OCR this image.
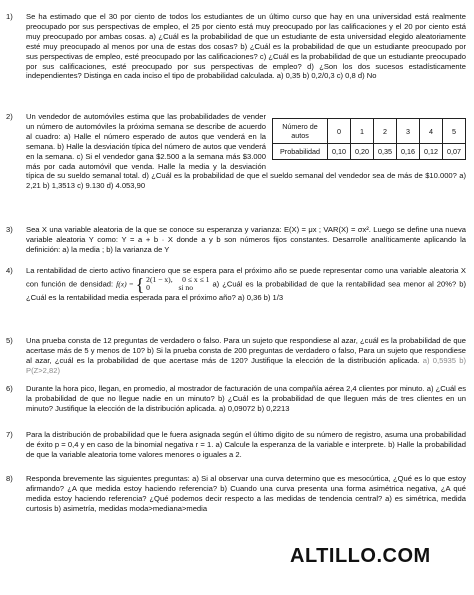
1)	Se ha estimado que el 30 por ciento de todos los estudiantes de un último curso que hay en una universidad está realmente preocupado por sus perspectivas de empleo, el 25 por ciento está muy preocupado por las calificaciones y el 20 por ciento está muy preocupado por ambas cosas. a) ¿Cuál es la probabilidad de que un estudiante de esta universidad elegido aleatoriamente esté muy preocupado al menos por una de estas dos cosas? b) ¿Cuál es la probabilidad de que un estudiante preocupado por sus perspectivas de empleo, esté preocupado por las calificaciones? c) ¿Cuál es la probabilidad de que un estudiante preocupado por sus calificaciones, esté preocupado por sus perspectivas de empleo? d) ¿Son los dos sucesos estadísticamente independientes? Distinga en cada inciso el tipo de probabilidad calculada. a) 0,35 b) 0,2/0,3 c) 0,8 d) No

2)
Número de autos	0	1	2	3	4	5
Probabilidad	0,10	0,20	0,35	0,16	0,12	0,07

Un vendedor de automóviles estima que las probabilidades de vender un número de automóviles la próxima semana se describe de acuerdo al cuadro: a) Halle el número esperado de autos que venderá en la semana. b) Halle la desviación típica del número de autos que venderá en la semana. c) Si el vendedor gana $2.500 a la semana más $3.000 más por cada automóvil que venda. Halle la media y la desviación típica de su sueldo semanal total. d) ¿Cuál es la probabilidad de que el sueldo semanal del vendedor sea de más de $10.000? a) 2,21 b) 1,3513 c) 9.130 d) 4.053,90

3)	Sea X una variable aleatoria de la que se conoce su esperanza y varianza: E(X) = μx ; VAR(X) = σx². Luego se define una nueva variable aleatoria Y como: Y = a + b · X donde a y b son números fijos constantes. Desarrolle analíticamente aplicando la definición: a) la media ; b) la varianza de Y

4)	La rentabilidad de cierto activo financiero que se espera para el próximo año se puede representar como una variable aleatoria X con función de densidad: f(x) = { 2(1 − x), 0 ≤ x ≤ 1
0	si no	a) ¿Cuál es la probabilidad de que la rentabilidad sea menor al 20%? b) ¿Cuál es la rentabilidad media esperada para el próximo año? a) 0,36 b) 1/3

5)	Una prueba consta de 12 preguntas de verdadero o falso. Para un sujeto que respondiese al azar, ¿cuál es la probabilidad de que acertase más de 5 y menos de 10? b) Si la prueba consta de 200 preguntas de verdadero o falso, Para un sujeto que respondiese al azar, ¿cuál es la probabilidad de que acertase más de 120? Justifique la elección de la distribución aplicada. a) 0,5935 b) P(Z>2,82)

6)	Durante la hora pico, llegan, en promedio, al mostrador de facturación de una compañía aérea 2,4 clientes por minuto. a) ¿Cuál es la probabilidad de que no llegue nadie en un minuto? b) ¿Cuál es la probabilidad de que lleguen más de tres clientes en un minuto? Justifique la elección de la distribución aplicada. a) 0,09072 b) 0,2213

7)	Para la distribución de probabilidad que le fuera asignada según el último digito de su número de registro, asuma una probabilidad de éxito p = 0,4 y en caso de la binomial negativa r = 1. a) Calcule la esperanza de la variable e interprete. b) Halle la probabilidad de que la variable aleatoria tome valores menores o iguales a 2.

8)	Responda brevemente las siguientes preguntas: a) Si al observar una curva determino que es mesocúrtica, ¿Qué es lo que estoy afirmando? ¿A que medida estoy haciendo referencia? b) Cuando una curva presenta una forma asimétrica negativa, ¿A qué medida estoy haciendo referencia? ¿Qué podemos decir respecto a las medidas de tendencia central? a) es simétrica, medida curtosis b) asimetría, medidas moda>mediana>media

ALTILLO.COM
